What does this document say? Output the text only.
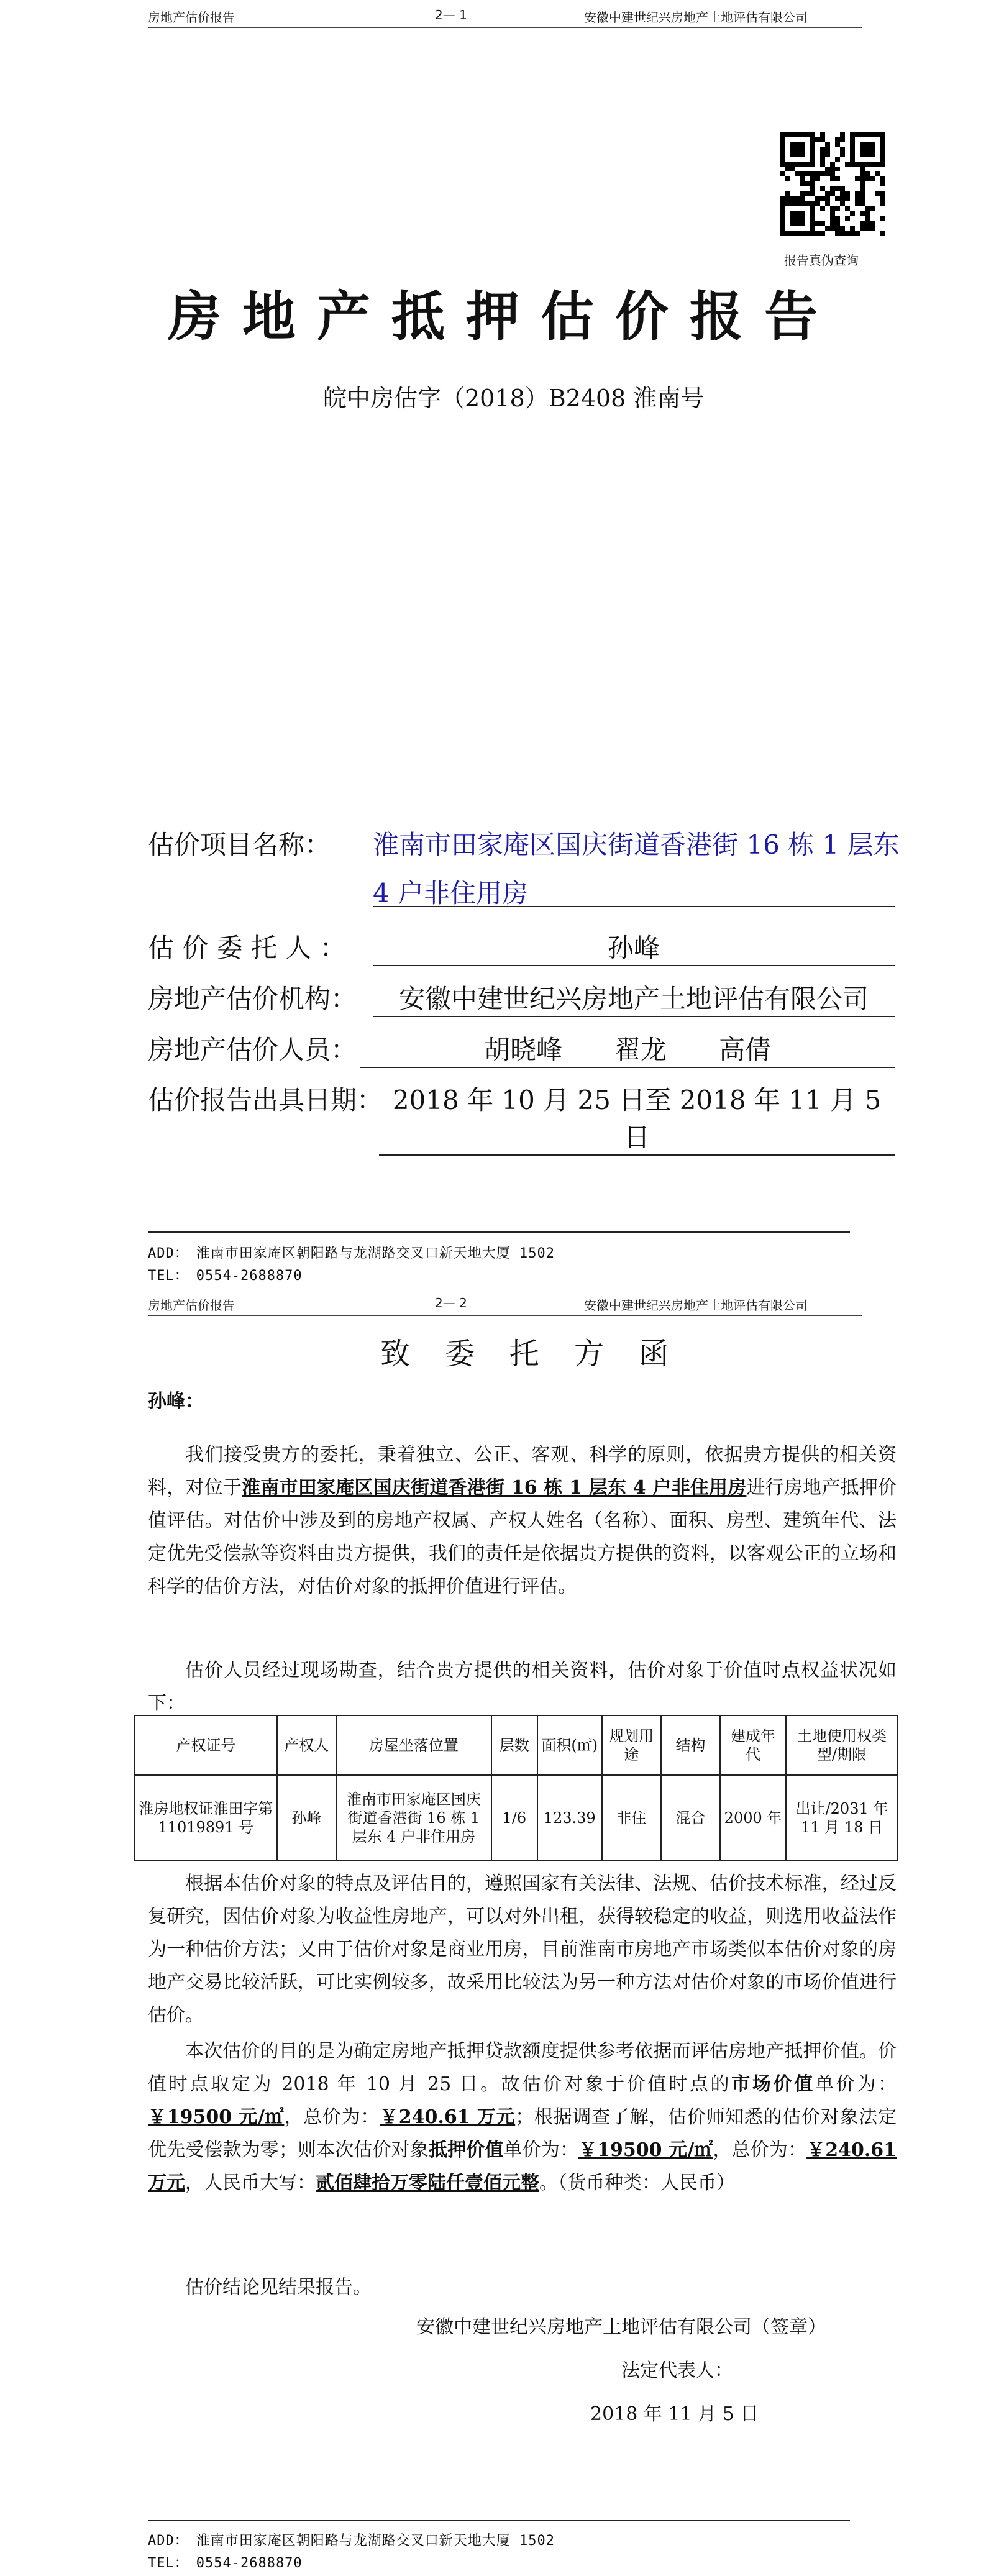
房地产估价报告	2— 1	安徽中建世纪兴房地产土地评估有限公司
报告真伪查询
房地产抵押估价报告
皖中房估字（2018）B2408 淮南号
估价项目名称： 淮南市田家庵区国庆街道香港街 16 栋 1 层东
4 户非住用房
估 价 委 托 人 ：	孙峰
房地产估价机构：	安徽中建世纪兴房地产土地评估有限公司
房地产估价人员：	胡晓峰　　翟龙　　高倩
估价报告出具日期： 2018 年 10 月 25 日至 2018 年 11 月 5 日
ADD：　淮南市田家庵区朝阳路与龙湖路交叉口新天地大厦 1502
TEL：　0554-2688870
房地产估价报告	2— 2	安徽中建世纪兴房地产土地评估有限公司
致委托方函
孙峰：
我们接受贵方的委托，秉着独立、公正、客观、科学的原则，依据贵方提供的相关资料，对位于淮南市田家庵区国庆街道香港街 16 栋 1 层东 4 户非住用房进行房地产抵押价值评估。对估价中涉及到的房地产权属、产权人姓名（名称）、面积、房型、建筑年代、法定优先受偿款等资料由贵方提供，我们的责任是依据贵方提供的资料，以客观公正的立场和科学的估价方法，对估价对象的抵押价值进行评估。
估价人员经过现场勘查，结合贵方提供的相关资料，估价对象于价值时点权益状况如下：
产权证号	产权人	房屋坐落位置	层数	面积(㎡)	规划用途	结构	建成年代	土地使用权类型/期限
淮房地权证淮田字第 11019891 号	孙峰	淮南市田家庵区国庆街道香港街 16 栋 1 层东 4 户非住用房	1/6	123.39	非住	混合	2000 年	出让/2031 年 11 月 18 日
根据本估价对象的特点及评估目的，遵照国家有关法律、法规、估价技术标准，经过反复研究，因估价对象为收益性房地产，可以对外出租，获得较稳定的收益，则选用收益法作为一种估价方法；又由于估价对象是商业用房，目前淮南市房地产市场类似本估价对象的房地产交易比较活跃，可比实例较多，故采用比较法为另一种方法对估价对象的市场价值进行估价。
本次估价的目的是为确定房地产抵押贷款额度提供参考依据而评估房地产抵押价值。价值时点取定为 2018 年 10 月 25 日。故估价对象于价值时点的市场价值单价为：￥19500 元/㎡，总价为：￥240.61 万元；根据调查了解，估价师知悉的估价对象法定优先受偿款为零；则本次估价对象抵押价值单价为：￥19500 元/㎡，总价为：￥240.61 万元，人民币大写：贰佰肆拾万零陆仟壹佰元整。（货币种类：人民币）
估价结论见结果报告。
安徽中建世纪兴房地产土地评估有限公司（签章）
法定代表人：
2018 年 11 月 5 日
ADD：　淮南市田家庵区朝阳路与龙湖路交叉口新天地大厦 1502
TEL：　0554-2688870
